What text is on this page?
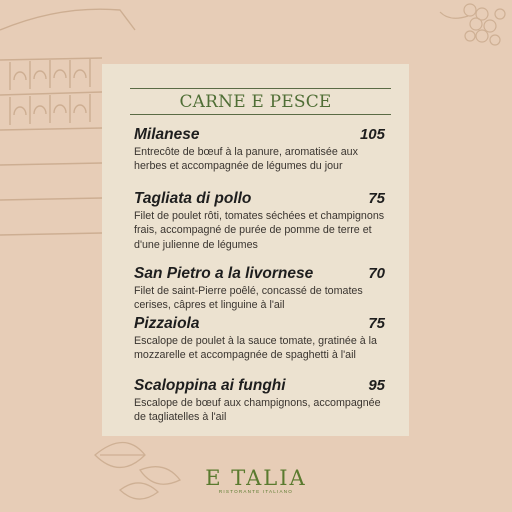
CARNE E PESCE
Milanese	105
Entrecôte de bœuf à la panure, aromatisée aux herbes et accompagnée de légumes du jour
Tagliata di pollo	75
Filet de poulet rôti, tomates séchées et champignons frais, accompagné de purée de pomme de terre et d'une julienne de légumes
San Pietro a la livornese	70
Filet de saint-Pierre poêlé, concassé de tomates cerises, câpres et linguine à l'ail
Pizzaiola	75
Escalope de poulet à la sauce tomate, gratinée à la mozzarelle et accompagnée de spaghetti à l'ail
Scaloppina ai funghi	95
Escalope de bœuf aux champignons, accompagnée de tagliatelles à l'ail
E TALIA
RISTORANTE ITALIANO
